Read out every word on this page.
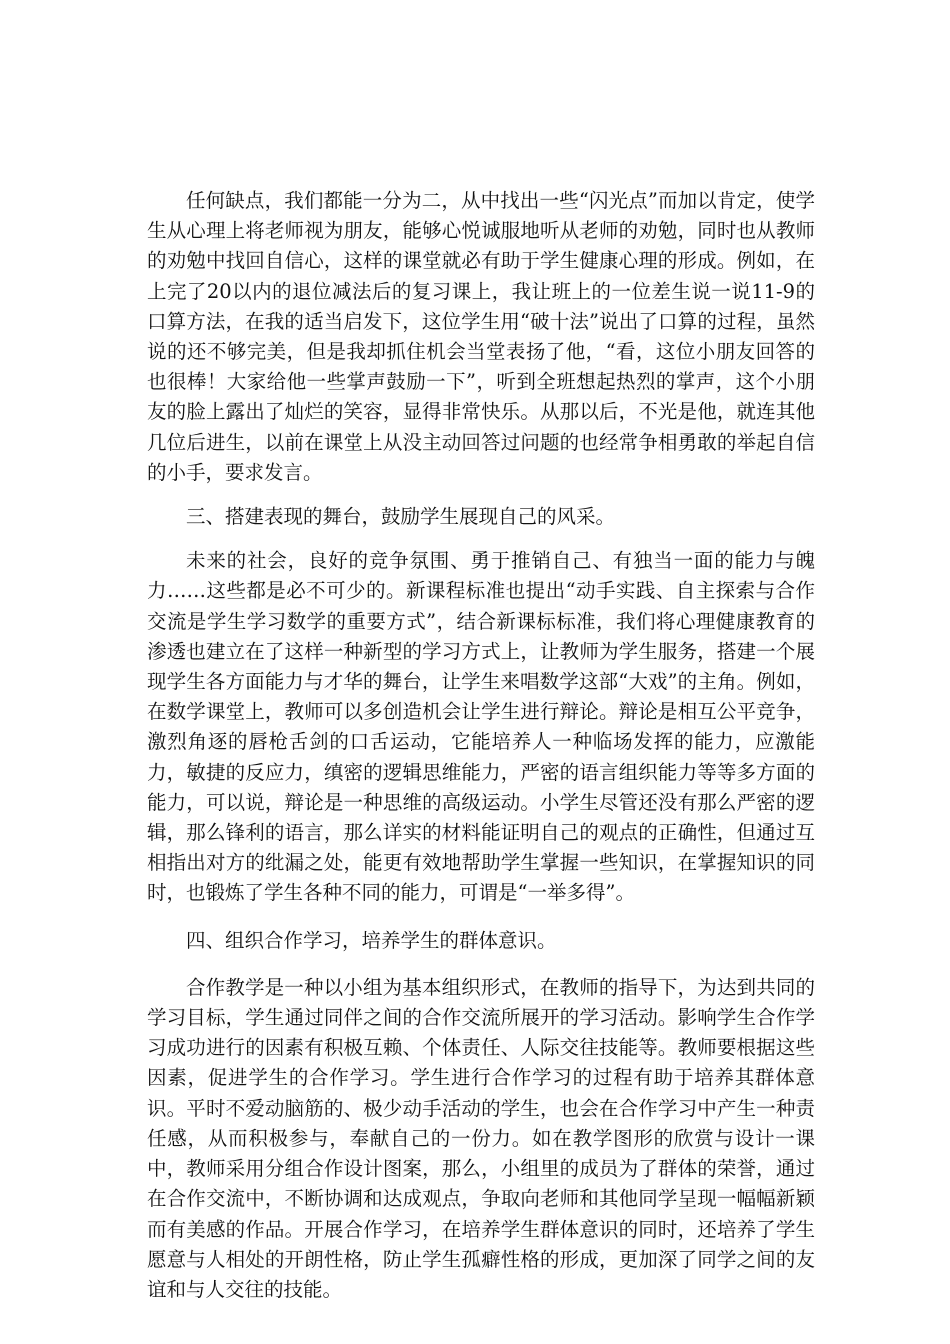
任何缺点，我们都能一分为二，从中找出一些“闪光点”而加以肯定，使学生从心理上将老师视为朋友，能够心悦诚服地听从老师的劝勉，同时也从教师的劝勉中找回自信心，这样的课堂就必有助于学生健康心理的形成。例如，在上完了20以内的退位减法后的复习课上，我让班上的一位差生说一说11-9的口算方法，在我的适当启发下，这位学生用“破十法”说出了口算的过程，虽然说的还不够完美，但是我却抓住机会当堂表扬了他，“看，这位小朋友回答的也很棒！大家给他一些掌声鼓励一下”，听到全班想起热烈的掌声，这个小朋友的脸上露出了灿烂的笑容，显得非常快乐。从那以后，不光是他，就连其他几位后进生，以前在课堂上从没主动回答过问题的也经常争相勇敢的举起自信的小手，要求发言。

三、搭建表现的舞台，鼓励学生展现自己的风采。

未来的社会，良好的竞争氛围、勇于推销自己、有独当一面的能力与魄力……这些都是必不可少的。新课程标准也提出“动手实践、自主探索与合作交流是学生学习数学的重要方式”，结合新课标标准，我们将心理健康教育的渗透也建立在了这样一种新型的学习方式上，让教师为学生服务，搭建一个展现学生各方面能力与才华的舞台，让学生来唱数学这部“大戏”的主角。例如，在数学课堂上，教师可以多创造机会让学生进行辩论。辩论是相互公平竞争，激烈角逐的唇枪舌剑的口舌运动，它能培养人一种临场发挥的能力，应激能力，敏捷的反应力，缜密的逻辑思维能力，严密的语言组织能力等等多方面的能力，可以说，辩论是一种思维的高级运动。小学生尽管还没有那么严密的逻辑，那么锋利的语言，那么详实的材料能证明自己的观点的正确性，但通过互相指出对方的纰漏之处，能更有效地帮助学生掌握一些知识，在掌握知识的同时，也锻炼了学生各种不同的能力，可谓是“一举多得”。

四、组织合作学习，培养学生的群体意识。

合作教学是一种以小组为基本组织形式，在教师的指导下，为达到共同的学习目标，学生通过同伴之间的合作交流所展开的学习活动。影响学生合作学习成功进行的因素有积极互赖、个体责任、人际交往技能等。教师要根据这些因素，促进学生的合作学习。学生进行合作学习的过程有助于培养其群体意识。平时不爱动脑筋的、极少动手活动的学生，也会在合作学习中产生一种责任感，从而积极参与，奉献自己的一份力。如在教学图形的欣赏与设计一课中，教师采用分组合作设计图案，那么，小组里的成员为了群体的荣誉，通过在合作交流中，不断协调和达成观点，争取向老师和其他同学呈现一幅幅新颖而有美感的作品。开展合作学习，在培养学生群体意识的同时，还培养了学生愿意与人相处的开朗性格，防止学生孤癖性格的形成，更加深了同学之间的友谊和与人交往的技能。
